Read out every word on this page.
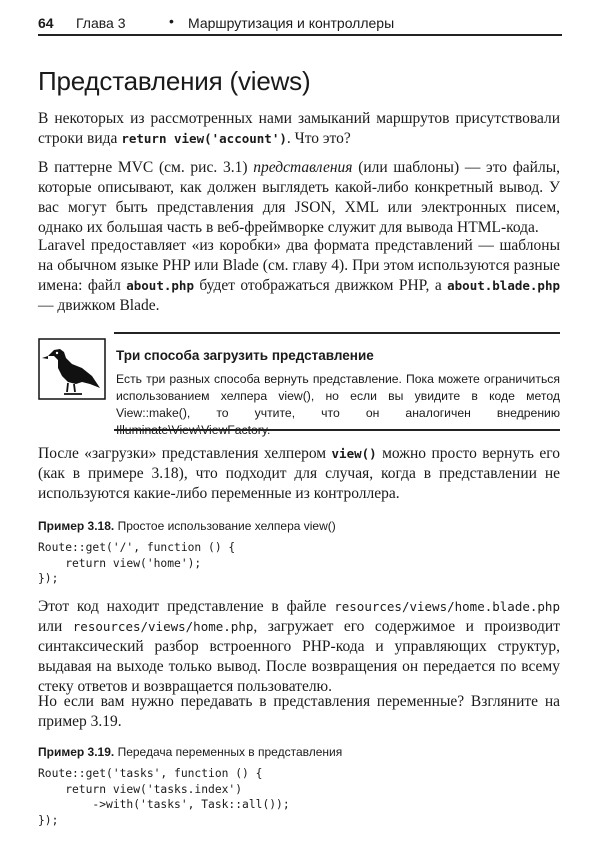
64 Глава 3	• Маршрутизация и контроллеры
Представления (views)

В некоторых из рассмотренных нами замыканий маршрутов присутствовали строки вида return view('account'). Что это?

В паттерне MVC (см. рис. 3.1) представления (или шаблоны) — это файлы, которые описывают, как должен выглядеть какой-либо конкретный вывод. У вас могут быть представления для JSON, XML или электронных писем, однако их большая часть в веб-фреймворке служит для вывода HTML-кода.

Laravel предоставляет «из коробки» два формата представлений — шаблоны на обычном языке PHP или Blade (см. главу 4). При этом используются разные имена: файл about.php будет отображаться движком PHP, а about.blade.php — движком Blade.

Три способа загрузить представление

Есть три разных способа вернуть представление. Пока можете ограничиться использованием хелпера view(), но если вы увидите в коде метод View::make(), то учтите, что он аналогичен внедрению

После «загрузки» представления хелпером view() можно просто вернуть его (как в примере 3.18), что подходит для случая, когда в представлении не используются какие-либо переменные из контроллера.

Пример 3.18. Простое использование хелпера view()
Route::get('/', function () {
return view('home');
});

Этот код находит представление в файле resources/views/home.blade.php или resources/views/home.php, загружает его содержимое и производит синтаксический разбор встроенного PHP-кода и управляющих структур, выдавая на выходе только вывод. После возвращения он передается по всему стеку ответов и возвращается пользователю.

Но если вам нужно передавать в представления переменные? Взгляните на пример 3.19.

Пример 3.19. Передача переменных в представления
Route::get('tasks', function () {
return view('tasks.index')
->with('tasks', Task::all());
});
